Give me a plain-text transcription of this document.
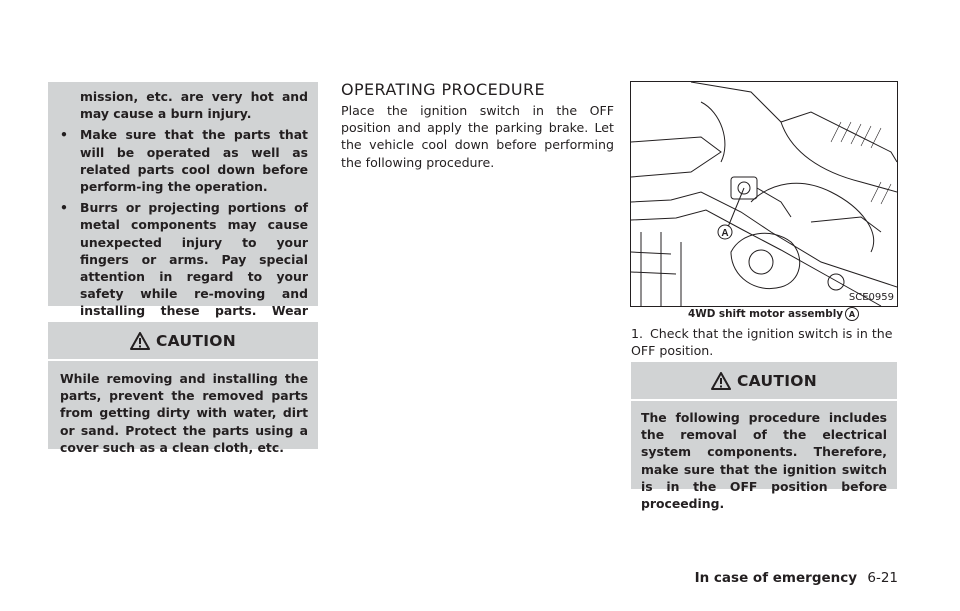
mission, etc. are very hot and may cause a burn injury.
• Make sure that the parts that will be operated as well as related parts cool down before perform-ing the operation.
• Burrs or projecting portions of metal components may cause unexpected injury to your fingers or arms. Pay special attention in regard to your safety while re-moving and installing these parts. Wear
CAUTION
While removing and installing the parts, prevent the removed parts from getting dirty with water, dirt or sand. Protect the parts using a cover such as a clean cloth, etc.
OPERATING PROCEDURE
Place the ignition switch in the OFF position and apply the parking brake. Let the vehicle cool down before performing the following procedure.
A
SCE0959
4WD shift motor assembly A
1. Check that the ignition switch is in the OFF position.
CAUTION
The following procedure includes the removal of the electrical system components. Therefore, make sure that the ignition switch is in the OFF position before proceeding.
In case of emergency 6-21
